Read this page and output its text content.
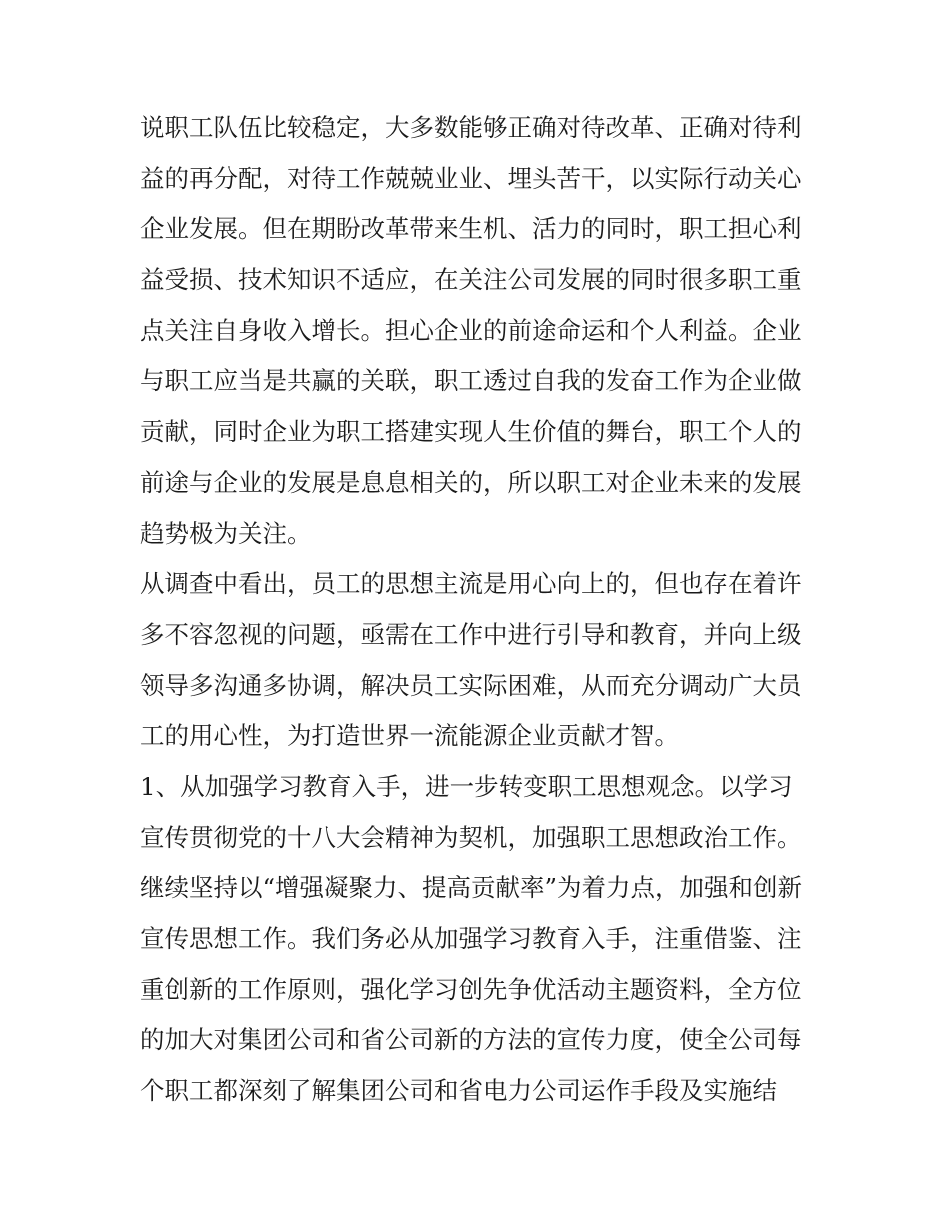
说职工队伍比较稳定，大多数能够正确对待改革、正确对待利
益的再分配，对待工作兢兢业业、埋头苦干，以实际行动关心
企业发展。但在期盼改革带来生机、活力的同时，职工担心利
益受损、技术知识不适应，在关注公司发展的同时很多职工重
点关注自身收入增长。担心企业的前途命运和个人利益。企业
与职工应当是共赢的关联，职工透过自我的发奋工作为企业做
贡献，同时企业为职工搭建实现人生价值的舞台，职工个人的
前途与企业的发展是息息相关的，所以职工对企业未来的发展
趋势极为关注。
从调查中看出，员工的思想主流是用心向上的，但也存在着许
多不容忽视的问题，亟需在工作中进行引导和教育，并向上级
领导多沟通多协调，解决员工实际困难，从而充分调动广大员
工的用心性，为打造世界一流能源企业贡献才智。
1、从加强学习教育入手，进一步转变职工思想观念。以学习
宣传贯彻党的十八大会精神为契机，加强职工思想政治工作。
继续坚持以“增强凝聚力、提高贡献率”为着力点，加强和创新
宣传思想工作。我们务必从加强学习教育入手，注重借鉴、注
重创新的工作原则，强化学习创先争优活动主题资料，全方位
的加大对集团公司和省公司新的方法的宣传力度，使全公司每
个职工都深刻了解集团公司和省电力公司运作手段及实施结
